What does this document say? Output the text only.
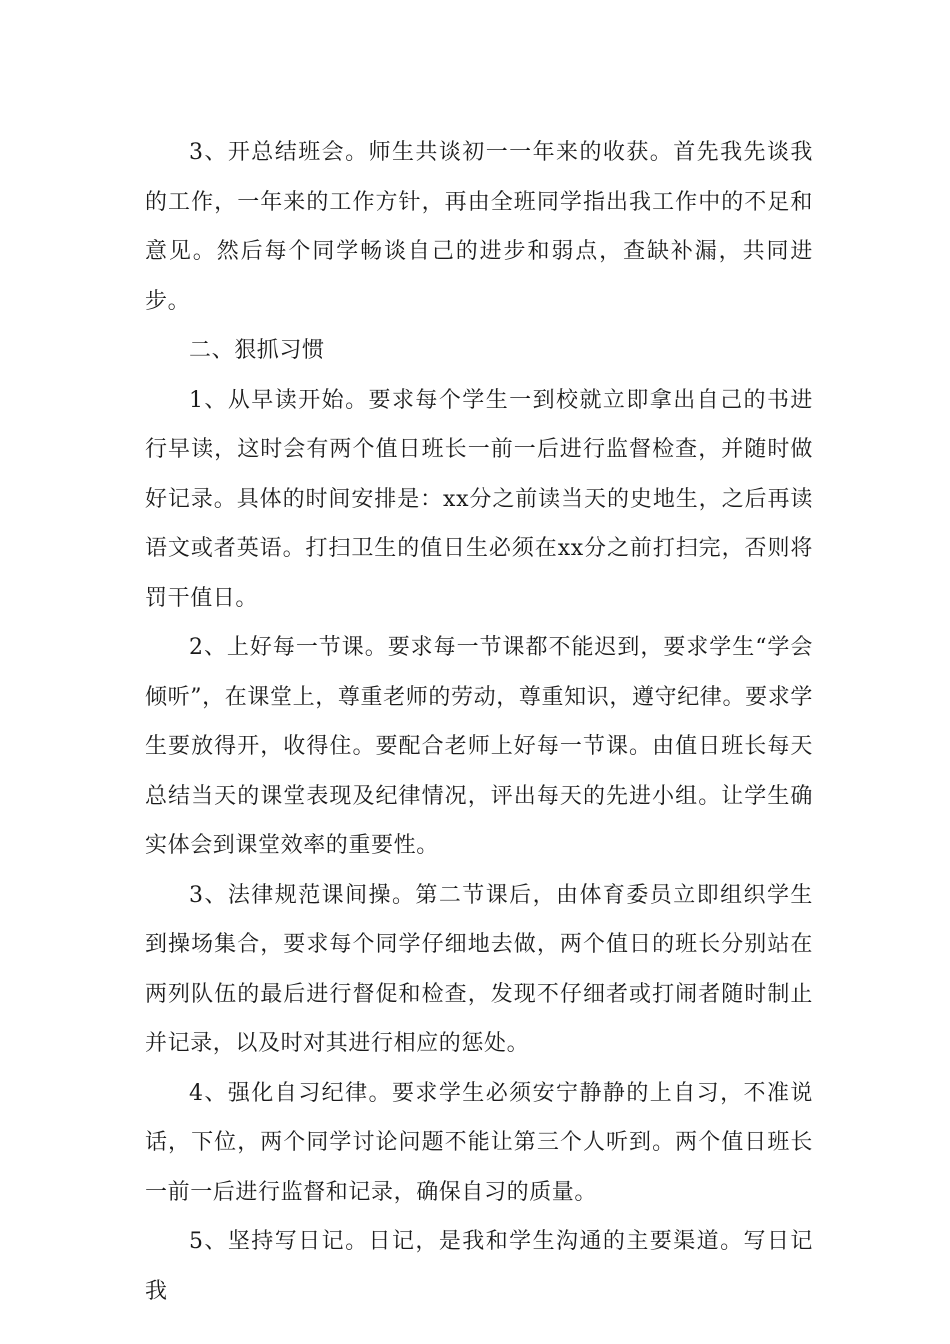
3、开总结班会。师生共谈初一一年来的收获。首先我先谈我的工作，一年来的工作方针，再由全班同学指出我工作中的不足和意见。然后每个同学畅谈自己的进步和弱点，查缺补漏，共同进步。

二、狠抓习惯

1、从早读开始。要求每个学生一到校就立即拿出自己的书进行早读，这时会有两个值日班长一前一后进行监督检查，并随时做好记录。具体的时间安排是：xx分之前读当天的史地生，之后再读语文或者英语。打扫卫生的值日生必须在xx分之前打扫完，否则将罚干值日。

2、上好每一节课。要求每一节课都不能迟到，要求学生“学会倾听”，在课堂上，尊重老师的劳动，尊重知识，遵守纪律。要求学生要放得开，收得住。要配合老师上好每一节课。由值日班长每天总结当天的课堂表现及纪律情况，评出每天的先进小组。让学生确实体会到课堂效率的重要性。

3、法律规范课间操。第二节课后，由体育委员立即组织学生到操场集合，要求每个同学仔细地去做，两个值日的班长分别站在两列队伍的最后进行督促和检查，发现不仔细者或打闹者随时制止并记录，以及时对其进行相应的惩处。

4、强化自习纪律。要求学生必须安宁静静的上自习，不准说话，下位，两个同学讨论问题不能让第三个人听到。两个值日班长一前一后进行监督和记录，确保自习的质量。

5、坚持写日记。日记，是我和学生沟通的主要渠道。写日记我
